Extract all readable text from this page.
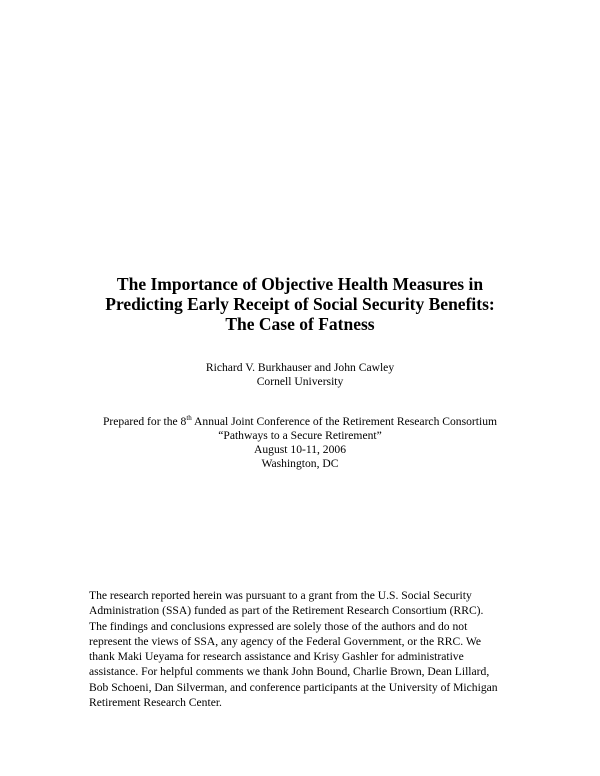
The Importance of Objective Health Measures in
Predicting Early Receipt of Social Security Benefits:
The Case of Fatness
Richard V. Burkhauser and John Cawley
Cornell University
Prepared for the 8th Annual Joint Conference of the Retirement Research Consortium
“Pathways to a Secure Retirement”
August 10-11, 2006
Washington, DC
The research reported herein was pursuant to a grant from the U.S. Social Security
Administration (SSA) funded as part of the Retirement Research Consortium (RRC).
The findings and conclusions expressed are solely those of the authors and do not
represent the views of SSA, any agency of the Federal Government, or the RRC. We
thank Maki Ueyama for research assistance and Krisy Gashler for administrative
assistance. For helpful comments we thank John Bound, Charlie Brown, Dean Lillard,
Bob Schoeni, Dan Silverman, and conference participants at the University of Michigan
Retirement Research Center.
